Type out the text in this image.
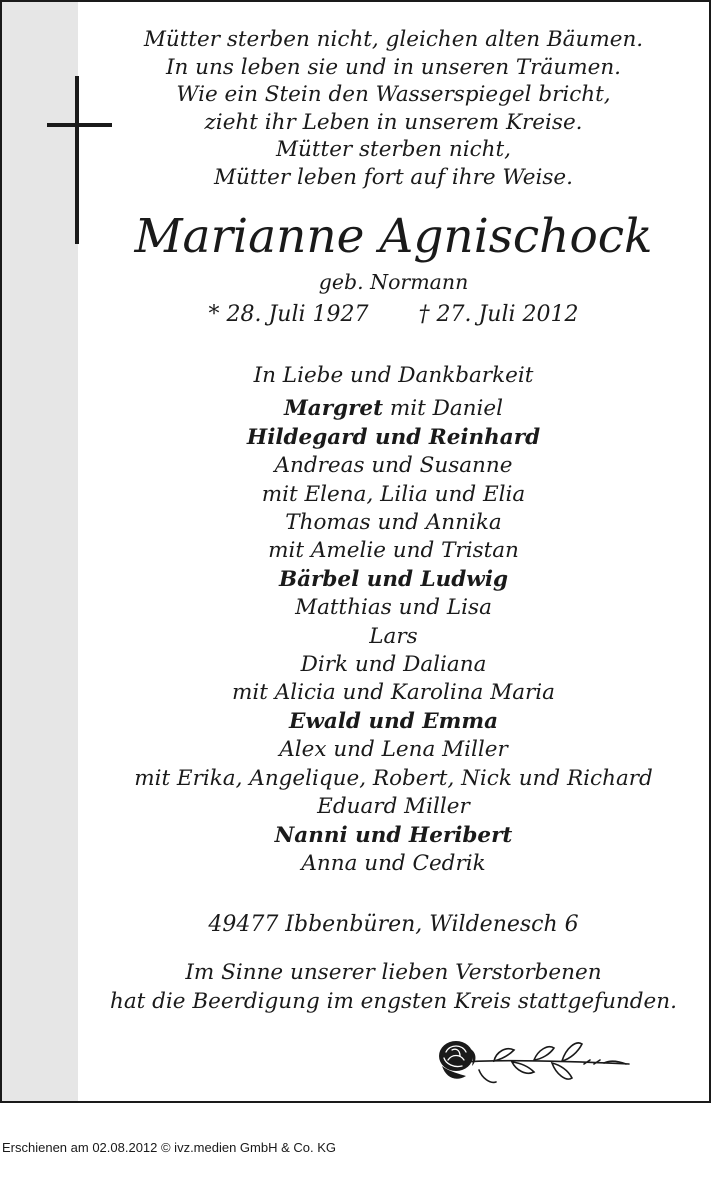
Mütter sterben nicht, gleichen alten Bäumen.
In uns leben sie und in unseren Träumen.
Wie ein Stein den Wasserspiegel bricht,
zieht ihr Leben in unserem Kreise.
Mütter sterben nicht,
Mütter leben fort auf ihre Weise.
Marianne Agnischock
geb. Normann
* 28. Juli 1927 † 27. Juli 2012
In Liebe und Dankbarkeit
Margret mit Daniel
Hildegard und Reinhard
Andreas und Susanne
mit Elena, Lilia und Elia
Thomas und Annika
mit Amelie und Tristan
Bärbel und Ludwig
Matthias und Lisa
Lars
Dirk und Daliana
mit Alicia und Karolina Maria
Ewald und Emma
Alex und Lena Miller
mit Erika, Angelique, Robert, Nick und Richard
Eduard Miller
Nanni und Heribert
Anna und Cedrik
49477 Ibbenbüren, Wildenesch 6
Im Sinne unserer lieben Verstorbenen
hat die Beerdigung im engsten Kreis stattgefunden.
Erschienen am 02.08.2012 © ivz.medien GmbH & Co. KG
